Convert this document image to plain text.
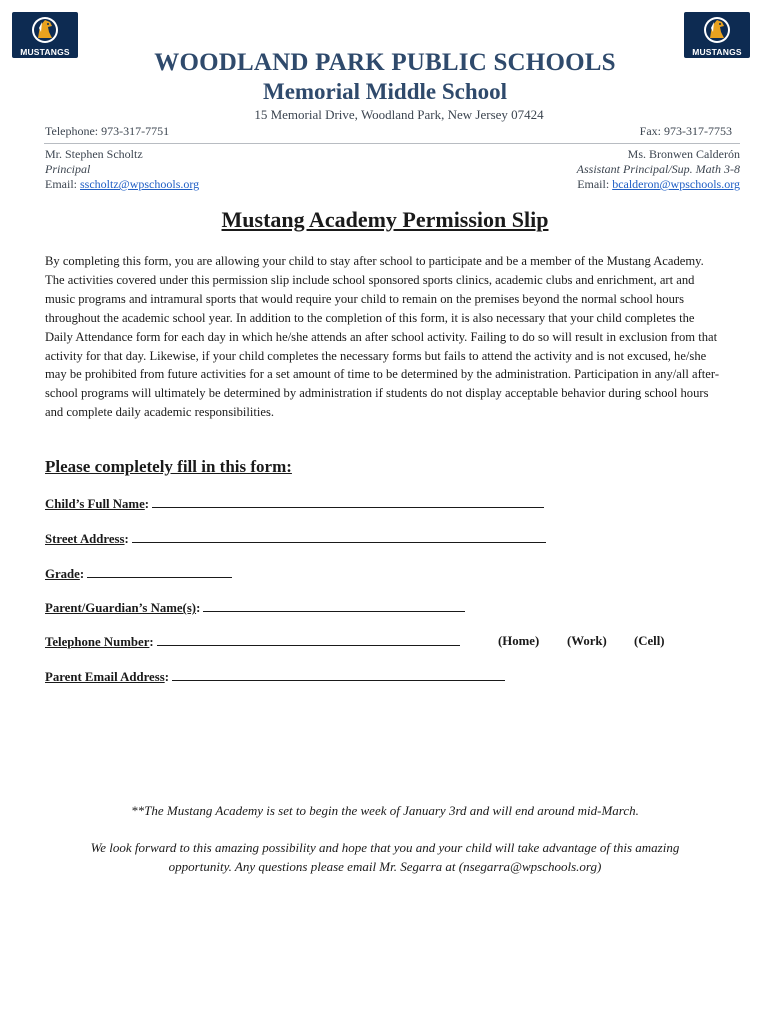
MUSTANGS	MUSTANGS
WOODLAND PARK PUBLIC SCHOOLS
Memorial Middle School
15 Memorial Drive, Woodland Park, New Jersey 07424
Telephone: 973-317-7751	Fax: 973-317-7753
Mr. Stephen Scholtz
Principal
Email: sscholtz@wpschools.org
Ms. Bronwen Calderón
Assistant Principal/Sup. Math 3-8
Email: bcalderon@wpschools.org
Mustang Academy Permission Slip
By completing this form, you are allowing your child to stay after school to participate and be a member of the Mustang Academy. The activities covered under this permission slip include school sponsored sports clinics, academic clubs and enrichment, art and music programs and intramural sports that would require your child to remain on the premises beyond the normal school hours throughout the academic school year. In addition to the completion of this form, it is also necessary that your child completes the Daily Attendance form for each day in which he/she attends an after school activity. Failing to do so will result in exclusion from that activity for that day. Likewise, if your child completes the necessary forms but fails to attend the activity and is not excused, he/she may be prohibited from future activities for a set amount of time to be determined by the administration. Participation in any/all after-school programs will ultimately be determined by administration if students do not display acceptable behavior during school hours and complete daily academic responsibilities.
Please completely fill in this form:
Child’s Full Name:
Street Address:
Grade:
Parent/Guardian’s Name(s):
Telephone Number:	(Home) (Work) (Cell)
Parent Email Address:
**The Mustang Academy is set to begin the week of January 3rd and will end around mid-March.
We look forward to this amazing possibility and hope that you and your child will take advantage of this amazing opportunity. Any questions please email Mr. Segarra at (nsegarra@wpschools.org)
